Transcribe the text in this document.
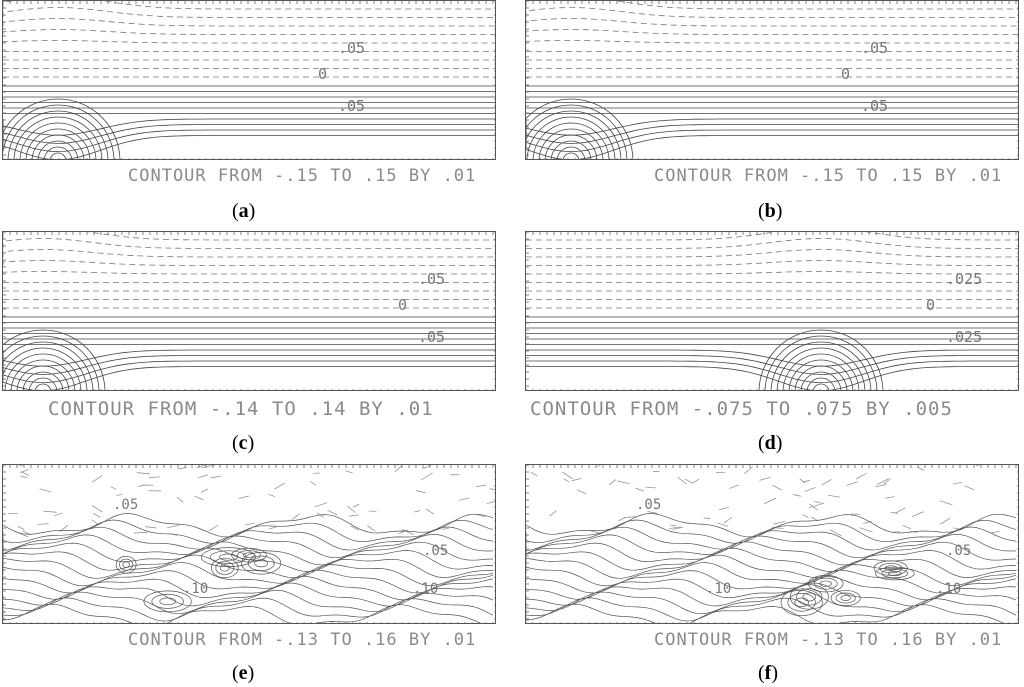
.05
0
.05
CONTOUR FROM -.15 TO .15 BY .01
(a)
.05
0
.05
CONTOUR FROM -.15 TO .15 BY .01
(b)
.05
0
.05
CONTOUR FROM -.14 TO .14 BY .01
(c)
.025
0
.025
CONTOUR FROM -.075 TO .075 BY .005
(d)
.05
.10
.05
.10
CONTOUR FROM -.13 TO .16 BY .01
(e)
.05
.10
.05
.10
CONTOUR FROM -.13 TO .16 BY .01
(f)
